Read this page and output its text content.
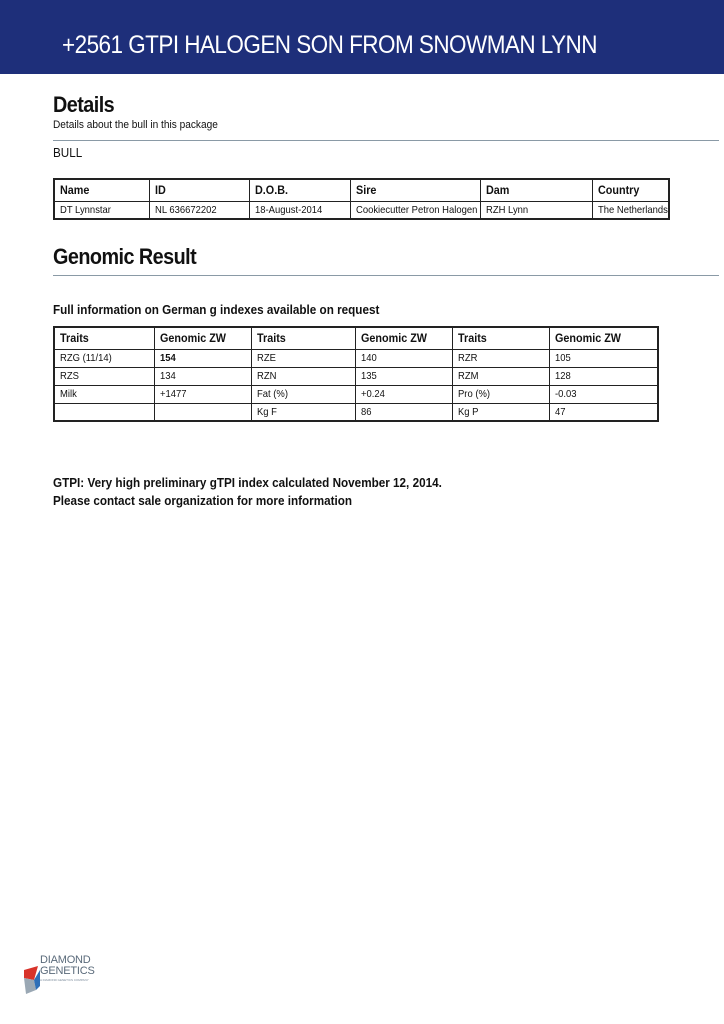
+2561 GTPI HALOGEN SON FROM SNOWMAN LYNN
Details
Details about the bull in this package
BULL
Name	ID	D.O.B.	Sire	Dam	Country
DT Lynnstar	NL 636672202	18-August-2014	Cookiecutter Petron Halogen	RZH Lynn	The Netherlands
Genomic Result
Full information on German g indexes available on request
Traits	Genomic ZW	Traits	Genomic ZW	Traits	Genomic ZW
RZG (11/14)	154	RZE	140	RZR	105
RZS	134	RZN	135	RZM	128
Milk	+1477	Fat (%)	+0.24	Pro (%)	-0.03
		Kg F	86	Kg P	47
GTPI: Very high preliminary gTPI index calculated November 12, 2014.
Please contact sale organization for more information
DIAMOND
GENETICS
A DIAMOND GENETICS COMPANY
